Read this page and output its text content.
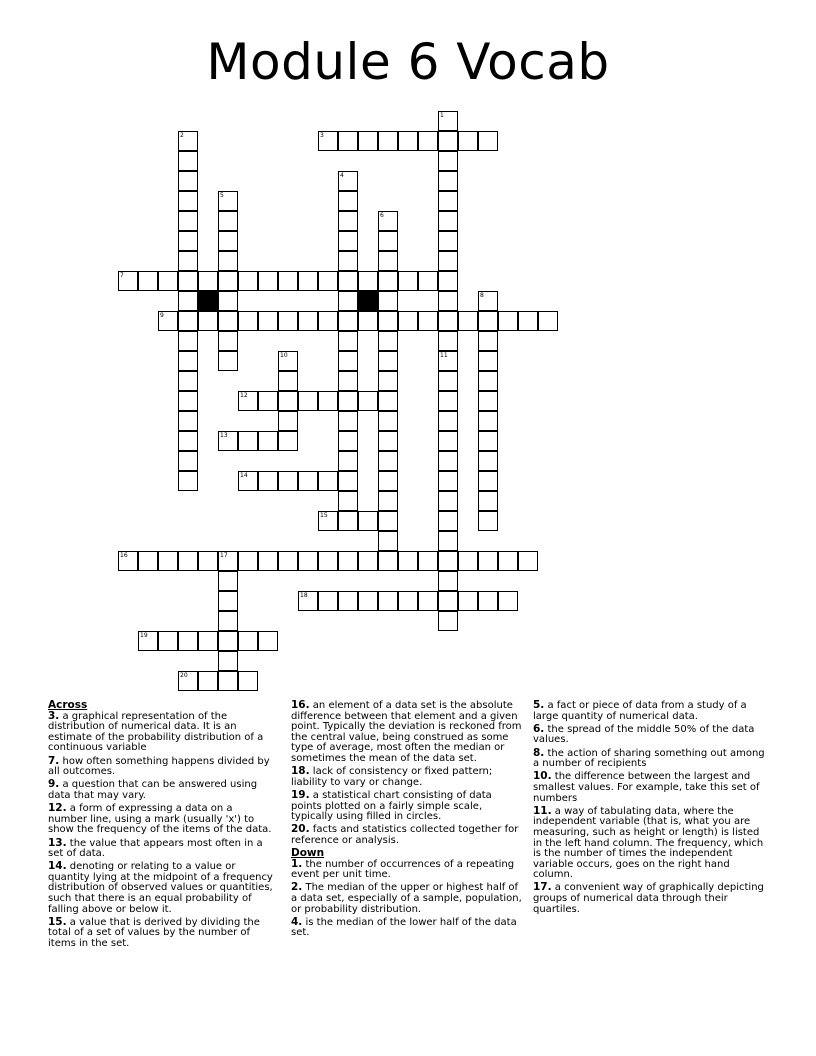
Module 6 Vocab
1
2	3
4
5
6
7
8
9
10	11
12
13
14
15
16	17
18
19
20
Across
3. a graphical representation of the distribution of numerical data. It is an estimate of the probability distribution of a continuous variable
7. how often something happens divided by all outcomes.
9. a question that can be answered using data that may vary.
12. a form of expressing a data on a number line, using a mark (usually 'x') to show the frequency of the items of the data.
13. the value that appears most often in a set of data.
14. denoting or relating to a value or quantity lying at the midpoint of a frequency distribution of observed values or quantities, such that there is an equal probability of falling above or below it.
15. a value that is derived by dividing the total of a set of values by the number of items in the set.
16. an element of a data set is the absolute difference between that element and a given point. Typically the deviation is reckoned from the central value, being construed as some type of average, most often the median or sometimes the mean of the data set.
18. lack of consistency or fixed pattern; liability to vary or change.
19. a statistical chart consisting of data points plotted on a fairly simple scale, typically using filled in circles.
20. facts and statistics collected together for reference or analysis.
Down
1. the number of occurrences of a repeating event per unit time.
2. The median of the upper or highest half of a data set, especially of a sample, population, or probability distribution.
4. is the median of the lower half of the data set.
5. a fact or piece of data from a study of a large quantity of numerical data.
6. the spread of the middle 50% of the data values.
8. the action of sharing something out among a number of recipients
10. the difference between the largest and smallest values. For example, take this set of numbers
11. a way of tabulating data, where the independent variable (that is, what you are measuring, such as height or length) is listed in the left hand column. The frequency, which is the number of times the independent variable occurs, goes on the right hand column.
17. a convenient way of graphically depicting groups of numerical data through their quartiles.
